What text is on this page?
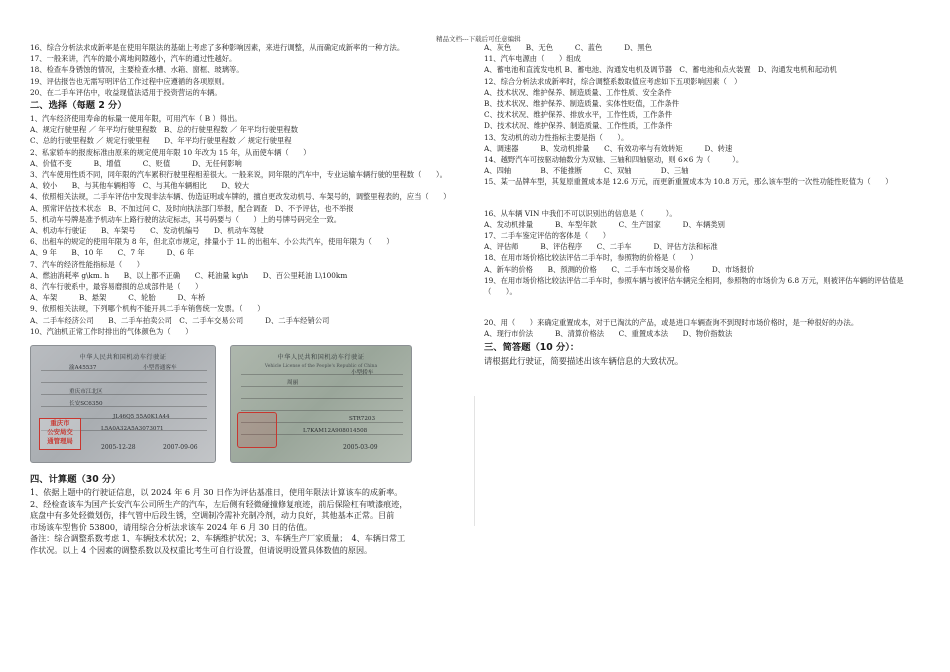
精品文档---下载后可任意编辑
16、综合分析法求成新率是在使用年限法的基础上考虑了多种影响因素，来进行调整，从而确定成新率的一种方法。
17、一般来讲，汽车的最小离地间隙越小，汽车的通过性越好。
18、检查车身锈蚀的情况，主要检查水槽、水箱、窗框、玻璃等。
19、评估报告也无需写明评估工作过程中应遵循的各项原则。
20、在二手车评估中，收益现值法适用于投资营运的车辆。
二、选择（每题 2 分）
1、汽车经济使用寿命的标量一使用年限，可用汽车（ B ）得出。
A、规定行驶里程 ／ 年平均行驶里程数　B、总的行驶里程数 ／ 年平均行驶里程数
C、总的行驶里程数 ／ 规定行驶里程　　D、年平均行驶里程数 ／ 规定行驶里程
2、私家轿车的报废标准由原来的规定使用年限 10 年改为 15 年，从而使车辆（　　）
A、价值不变　　　B、增值　　　C、贬值　　　D、无任何影响
3、汽车使用性质不同，同年限的汽车累积行驶里程相差很大。一般来说，同年限的汽车中，专业运输车辆行驶的里程数（　　）。
A、较小　　B、与其他车辆相等　C、与其他车辆相比　　D、较大
4、依照相关法规，二手车评估中发现非法车辆、伪造证明或车牌的，擅自更改发动机号、车架号的，调整里程表的，应当（　　）
A、照常评估技术状态　B、不加过问 C、及时向执法部门举报，配合调查　D、不予评估，也不举报
5、机动车号牌是准予机动车上路行驶的法定标志，其号码要与（　　）上的号牌号码完全一致。
A、机动车行驶证　　B、车架号　　C、发动机编号　　D、机动车驾驶
6、出租车的规定的使用年限为 8 年，但北京市规定，排量小于 1L 的出租车、小公共汽车，使用年限为（　　）
A、9 年　　B、10 年　　C、7 年　　　D、6 年
7、汽车的经济性能指标是（　　）
A、燃油消耗率 g\km. h　　B、以上都不正确　　C、耗油量 kg\h　　D、百公里耗油 L\100km
8、汽车行驶系中，最容易磨损的总成部件是（　　）
A、车架　　　B、悬架　　　C、轮胎　　　D、车桥
9、依照相关法规，下列哪个机构不能开具二手车销售统一发票。（　　）
A、二手车经济公司　　B、二手车拍卖公司　C、二手车交易公司　　　D、二手车经销公司
10、汽油机正常工作时排出的气体颜色为（　　）
中华人民共和国机动车行驶证
渝A45537	小型普通客车
重庆市江北区
长安SC6350
JL46Q5 55A0K1A44
L5A0A32A5A3073071
重庆市
公安局交
通管理局
2005-12-28	2007-09-06
中华人民共和国机动车行驶证
Vehicle License of the People's Republic of China
小型轿车
周丽
STR7203
L7KAM12A908014508
2005-03-09
四、计算题（30 分）
1、依据上题中的行驶证信息，以 2024 年 6 月 30 日作为评估基准日，使用年限法计算该车的成新率。
2、经检查该车为国产长安汽车公司所生产的汽车，左后侧有轻微碰撞修复痕迹，前后保险杠有喷漆痕迹，
底盘中有多处轻微划伤，排气管中后段生锈，空调制冷需补充制冷剂，动力良好，其他基本正常。目前
市场该车型售价 53800，请用综合分析法求该车 2024 年 6 月 30 日的估值。
备注：综合调整系数考虑 1、车辆技术状况；2、车辆维护状况；3、车辆生产厂家质量；　4、车辆日常工
作状况。以上 4 个因素的调整系数以及权重比考生可自行设置，但请说明设置具体数值的原因。
A、灰色　　B、无色　　　C、蓝色　　　D、黑色
11、汽车电源由（　　）组成
A、蓄电池和直流发电机 B、蓄电池、沟通发电机及调节器　C、蓄电池和点火装置　D、沟通发电机和起动机
12、综合分析法求成新率时，综合调整系数取值应考虑如下五项影响因素（　）
A、技术状况、维护保养、制造质量、工作性质、安全条件
B、技术状况、维护保养、制造质量、实体性贬值，工作条件
C、技术状况、维护保养、排放水平，工作性质，工作条件
D、技术状况、维护保养、制造质量、工作性质，工作条件
13、发动机的动力性指标主要是指（　　）。
A、调速器　　　B、发动机排量　　C、有效功率与有效转矩　　　D、转速
14、越野汽车可按驱动轴数分为双轴、三轴和四轴驱动，则 6×6 为（　　　）。
A、四轴　　　　B、不能推断　　　C、双轴　　　　D、三轴
15、某一品牌车型，其复原重置成本是 12.6 万元，而更新重置成本为 10.8 万元，那么该车型的一次性功能性贬值为（　　）
16、从车辆 VIN 中我们不可以识别出的信息是（　　　）。
A、发动机排量　　　B、车型年款　　　C、生产国家　　　D、车辆类别
17、二手车鉴定评估的客体是（　　）
A、评估师　　　B、评估程序　　C、二手车　　　D、评估方法和标准
18、在用市场价格比较法评估二手车时，参照物的价格是（　　）
A、新车的价格　　B、预测的价格　　C、二手车市场交易价格　　　D、市场报价
19、在用市场价格比较法评估二手车时，参照车辆与被评估车辆完全相同，参照物的市场价为 6.8 万元，则被评估车辆的评估值是（　　）。
20、用（　　）来确定重置成本，对于已淘汰的产品，或是进口车辆查询不到现时市场价格时，是一种很好的办法。
A、现行市价法　　　B、清算价格法　　C、重置成本法　　D、物价指数法
三、简答题（10 分）：
请根据此行驶证，简要描述出该车辆信息的大致状况。
